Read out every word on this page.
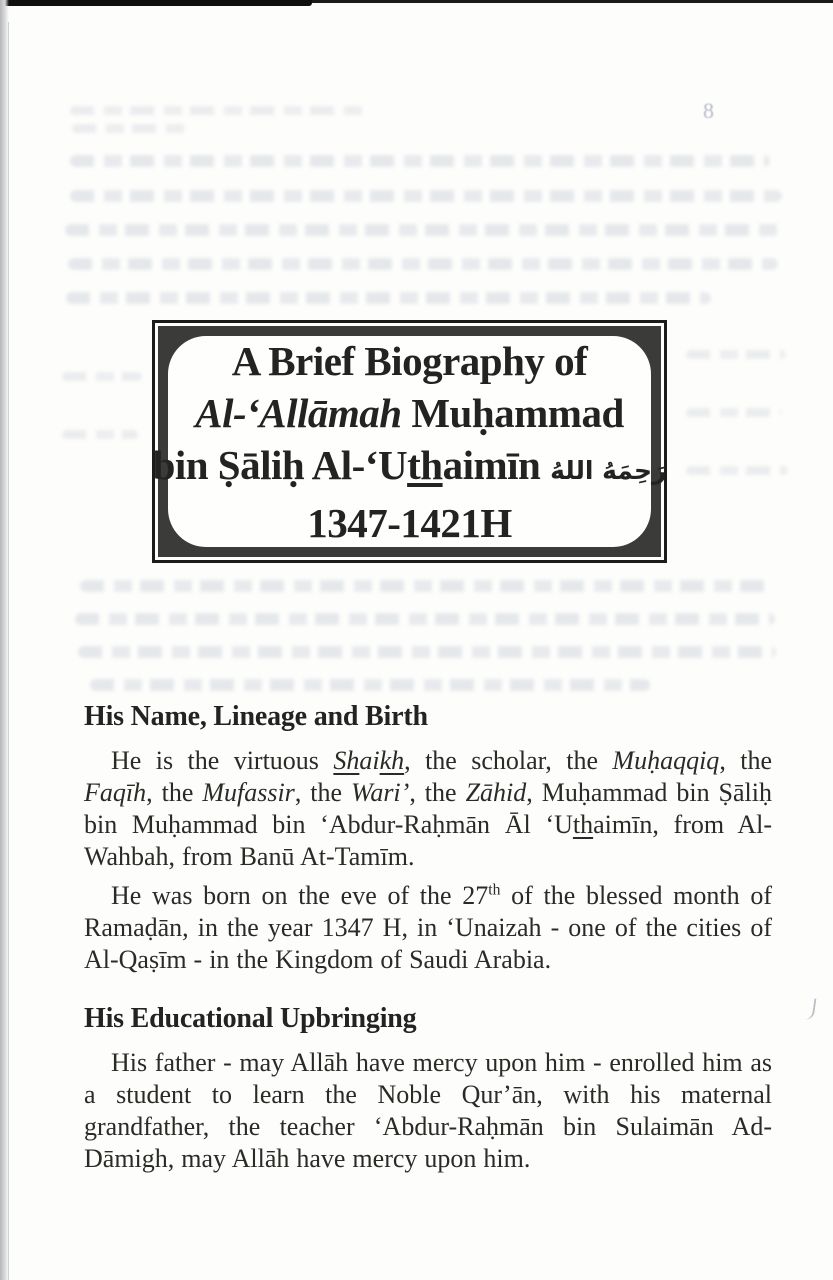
8
A Brief Biography of
Al-‘Allāmah Muḥammad
bin Ṣāliḥ Al-‘Uthaimīn رَحِمَهُ اللهُ
1347-1421H
His Name, Lineage and Birth
He is the virtuous Shaikh, the scholar, the Muḥaqqiq, the Faqīh, the Mufassir, the Wari’, the Zāhid, Muḥammad bin Ṣāliḥ bin Muḥammad bin ‘Abdur-Raḥmān Āl ‘Uthaimīn, from Al-Wahbah, from Banū At-Tamīm.
He was born on the eve of the 27th of the blessed month of Ramaḍān, in the year 1347 H, in ‘Unaizah - one of the cities of Al-Qaṣīm - in the Kingdom of Saudi Arabia.
His Educational Upbringing
His father - may Allāh have mercy upon him - enrolled him as a student to learn the Noble Qur’ān, with his maternal grandfather, the teacher ‘Abdur-Raḥmān bin Sulaimān Ad-Dāmigh, may Allāh have mercy upon him.
